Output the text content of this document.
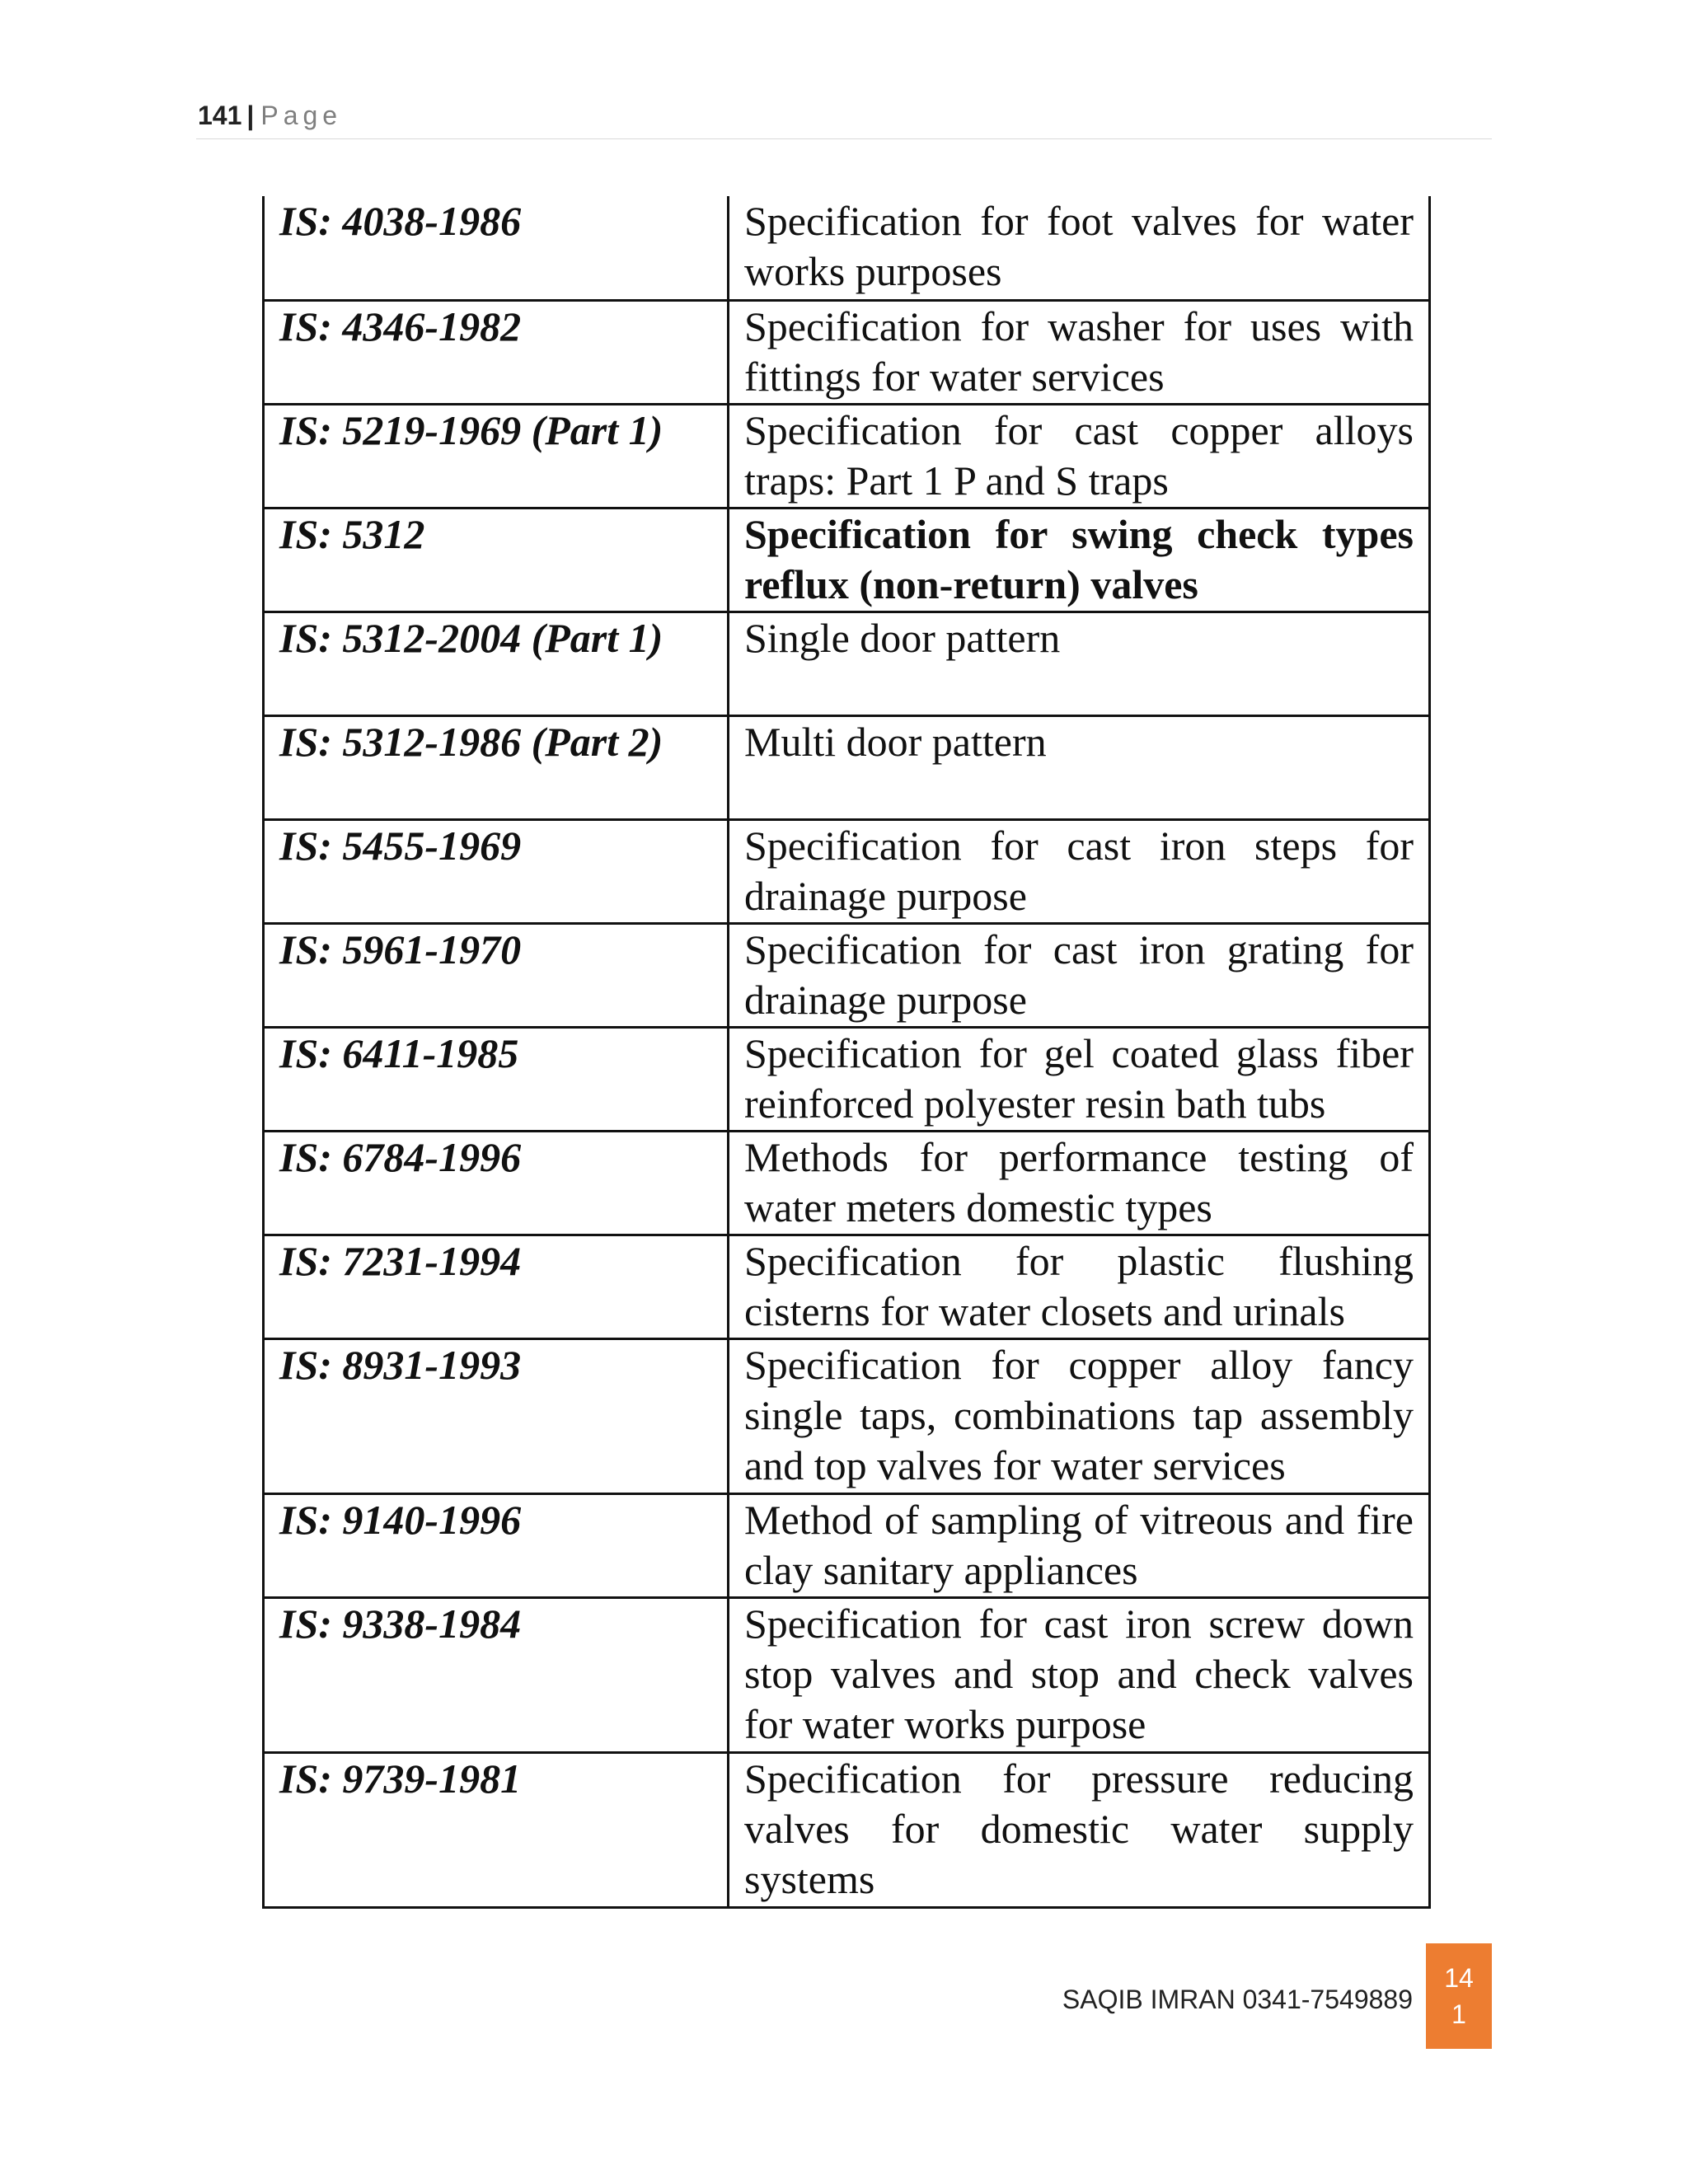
141 | Page
IS: 4038-1986	Specification for foot valves for water works purposes
IS: 4346-1982	Specification for washer for uses with fittings for water services
IS: 5219-1969 (Part 1)	Specification for cast copper alloys traps: Part 1 P and S traps
IS: 5312	Specification for swing check types reflux (non-return) valves
IS: 5312-2004 (Part 1)	Single door pattern
IS: 5312-1986 (Part 2)	Multi door pattern
IS: 5455-1969	Specification for cast iron steps for drainage purpose
IS: 5961-1970	Specification for cast iron grating for drainage purpose
IS: 6411-1985	Specification for gel coated glass fiber reinforced polyester resin bath tubs
IS: 6784-1996	Methods for performance testing of water meters domestic types
IS: 7231-1994	Specification for plastic flushing cisterns for water closets and urinals
IS: 8931-1993	Specification for copper alloy fancy single taps, combinations tap assembly and top valves for water services
IS: 9140-1996	Method of sampling of vitreous and fire clay sanitary appliances
IS: 9338-1984	Specification for cast iron screw down stop valves and stop and check valves for water works purpose
IS: 9739-1981	Specification for pressure reducing valves for domestic water supply systems
SAQIB IMRAN 0341-7549889
14
1
